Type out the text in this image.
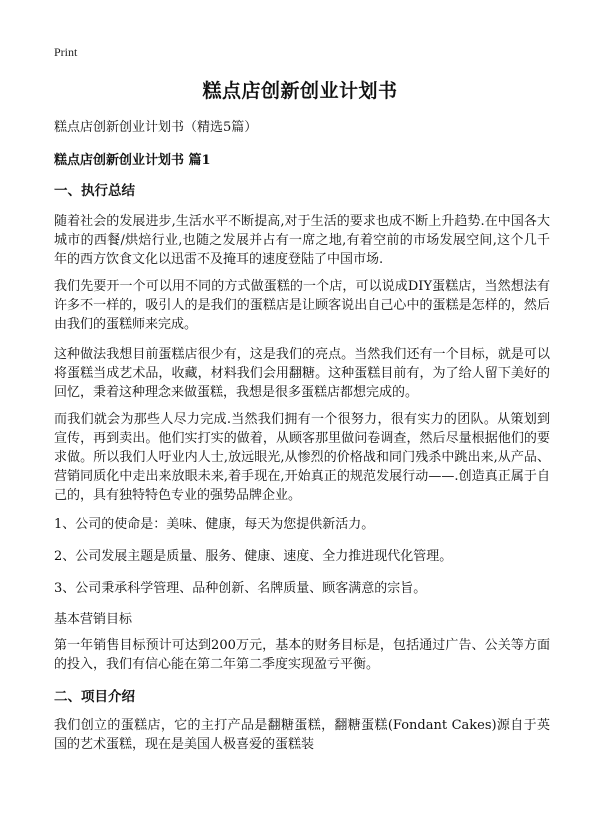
Print
糕点店创新创业计划书
糕点店创新创业计划书（精选5篇）
糕点店创新创业计划书 篇1
一、执行总结
随着社会的发展进步,生活水平不断提高,对于生活的要求也成不断上升趋势.在中国各大城市的西餐/烘焙行业,也随之发展并占有一席之地,有着空前的市场发展空间,这个几千年的西方饮食文化以迅雷不及掩耳的速度登陆了中国市场.
我们先要开一个可以用不同的方式做蛋糕的一个店，可以说成DIY蛋糕店，当然想法有许多不一样的，吸引人的是我们的蛋糕店是让顾客说出自己心中的蛋糕是怎样的，然后由我们的蛋糕师来完成。
这种做法我想目前蛋糕店很少有，这是我们的亮点。当然我们还有一个目标，就是可以将蛋糕当成艺术品，收藏，材料我们会用翻糖。这种蛋糕目前有，为了给人留下美好的回忆，秉着这种理念来做蛋糕，我想是很多蛋糕店都想完成的。
而我们就会为那些人尽力完成.当然我们拥有一个很努力，很有实力的团队。从策划到宣传，再到卖出。他们实打实的做着，从顾客那里做问卷调查，然后尽量根据他们的要求做。所以我们人吁业内人士,放远眼光,从惨烈的价格战和同门残杀中跳出来,从产品、营销同质化中走出来放眼未来,着手现在,开始真正的规范发展行动——.创造真正属于自己的，具有独特特色专业的强势品牌企业。
1、公司的使命是：美味、健康，每天为您提供新活力。
2、公司发展主题是质量、服务、健康、速度、全力推进现代化管理。
3、公司秉承科学管理、品种创新、名牌质量、顾客满意的宗旨。
基本营销目标
第一年销售目标预计可达到200万元，基本的财务目标是，包括通过广告、公关等方面的投入，我们有信心能在第二年第二季度实现盈亏平衡。
二、项目介绍
我们创立的蛋糕店，它的主打产品是翻糖蛋糕，翻糖蛋糕(Fondant Cakes)源自于英国的艺术蛋糕，现在是美国人极喜爱的蛋糕装
